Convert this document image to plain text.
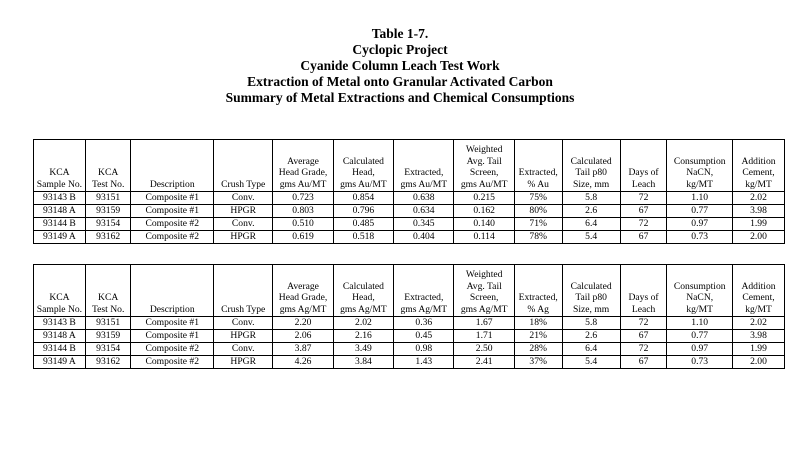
Table 1-7.
Cyclopic Project
Cyanide Column Leach Test Work
Extraction of Metal onto Granular Activated Carbon
Summary of Metal Extractions and Chemical Consumptions
KCA
Sample No.	KCA
Test No.	Description	Crush Type	Average
Head Grade,
gms Au/MT	Calculated
Head,
gms Au/MT	Extracted,
gms Au/MT	Weighted
Avg. Tail
Screen,
gms Au/MT	Extracted,
% Au	Calculated
Tail p80
Size, mm	Days of
Leach	Consumption
NaCN,
kg/MT	Addition
Cement,
kg/MT

93143 B	93151	Composite #1	Conv.	0.723	0.854	0.638	0.215	75%	5.8	72	1.10	2.02
93148 A	93159	Composite #1	HPGR	0.803	0.796	0.634	0.162	80%	2.6	67	0.77	3.98
93144 B	93154	Composite #2	Conv.	0.510	0.485	0.345	0.140	71%	6.4	72	0.97	1.99
93149 A	93162	Composite #2	HPGR	0.619	0.518	0.404	0.114	78%	5.4	67	0.73	2.00
KCA
Sample No.	KCA
Test No.	Description	Crush Type	Average
Head Grade,
gms Ag/MT	Calculated
Head,
gms Ag/MT	Extracted,
gms Ag/MT	Weighted
Avg. Tail
Screen,
gms Ag/MT	Extracted,
% Ag	Calculated
Tail p80
Size, mm	Days of
Leach	Consumption
NaCN,
kg/MT	Addition
Cement,
kg/MT

93143 B	93151	Composite #1	Conv.	2.20	2.02	0.36	1.67	18%	5.8	72	1.10	2.02
93148 A	93159	Composite #1	HPGR	2.06	2.16	0.45	1.71	21%	2.6	67	0.77	3.98
93144 B	93154	Composite #2	Conv.	3.87	3.49	0.98	2.50	28%	6.4	72	0.97	1.99
93149 A	93162	Composite #2	HPGR	4.26	3.84	1.43	2.41	37%	5.4	67	0.73	2.00
